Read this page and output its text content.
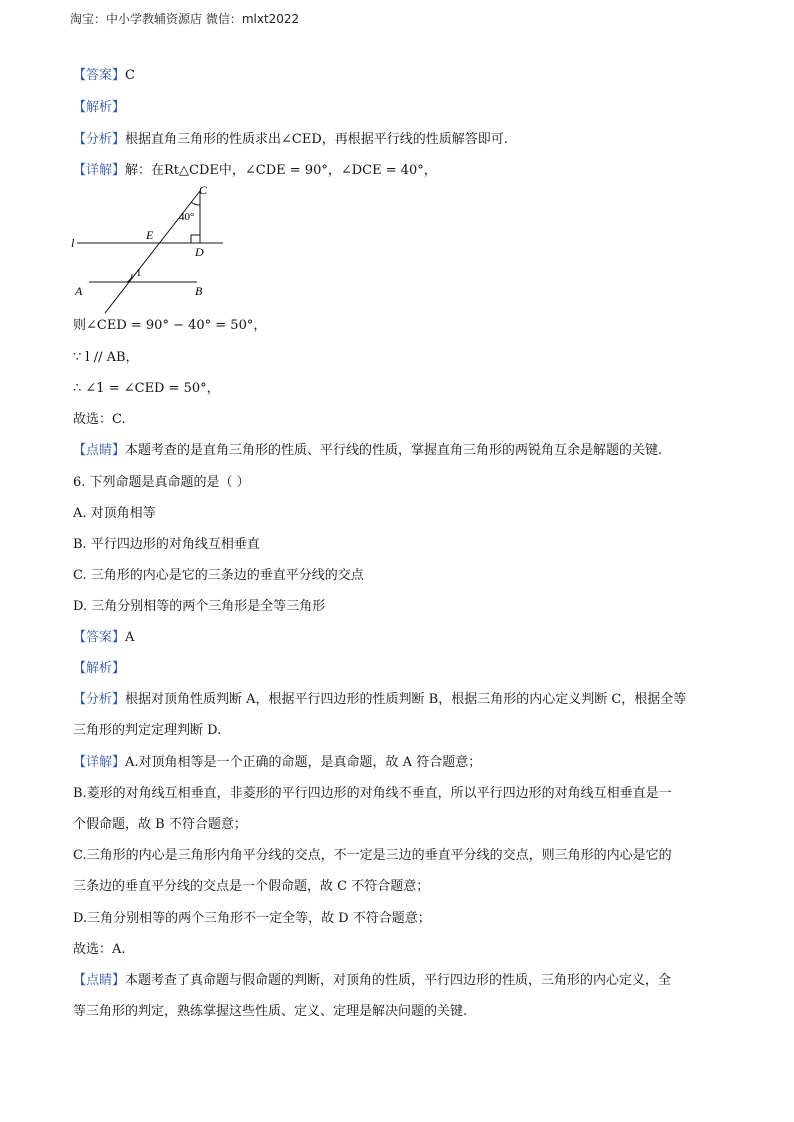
淘宝：中小学教辅资源店 微信：mlxt2022
【答案】C
【解析】
【分析】根据直角三角形的性质求出∠CED，再根据平行线的性质解答即可.
【详解】解：在Rt△CDE中，∠CDE = 90°，∠DCE = 40°，
C
40°
E
D
l
1
A	B
则∠CED = 90° − 40° = 50°，
∵ l // AB，
∴ ∠1 = ∠CED = 50°，
故选：C.
【点睛】本题考查的是直角三角形的性质、平行线的性质，掌握直角三角形的两锐角互余是解题的关键.
6. 下列命题是真命题的是（ ）
A. 对顶角相等
B. 平行四边形的对角线互相垂直
C. 三角形的内心是它的三条边的垂直平分线的交点
D. 三角分别相等的两个三角形是全等三角形
【答案】A
【解析】
【分析】根据对顶角性质判断 A，根据平行四边形的性质判断 B，根据三角形的内心定义判断 C，根据全等
三角形的判定定理判断 D.
【详解】A.对顶角相等是一个正确的命题，是真命题，故 A 符合题意；
B.菱形的对角线互相垂直，非菱形的平行四边形的对角线不垂直，所以平行四边形的对角线互相垂直是一
个假命题，故 B 不符合题意；
C.三角形的内心是三角形内角平分线的交点，不一定是三边的垂直平分线的交点，则三角形的内心是它的
三条边的垂直平分线的交点是一个假命题，故 C 不符合题意；
D.三角分别相等的两个三角形不一定全等，故 D 不符合题意；
故选：A.
【点睛】本题考查了真命题与假命题的判断，对顶角的性质，平行四边形的性质，三角形的内心定义，全
等三角形的判定，熟练掌握这些性质、定义、定理是解决问题的关键.
